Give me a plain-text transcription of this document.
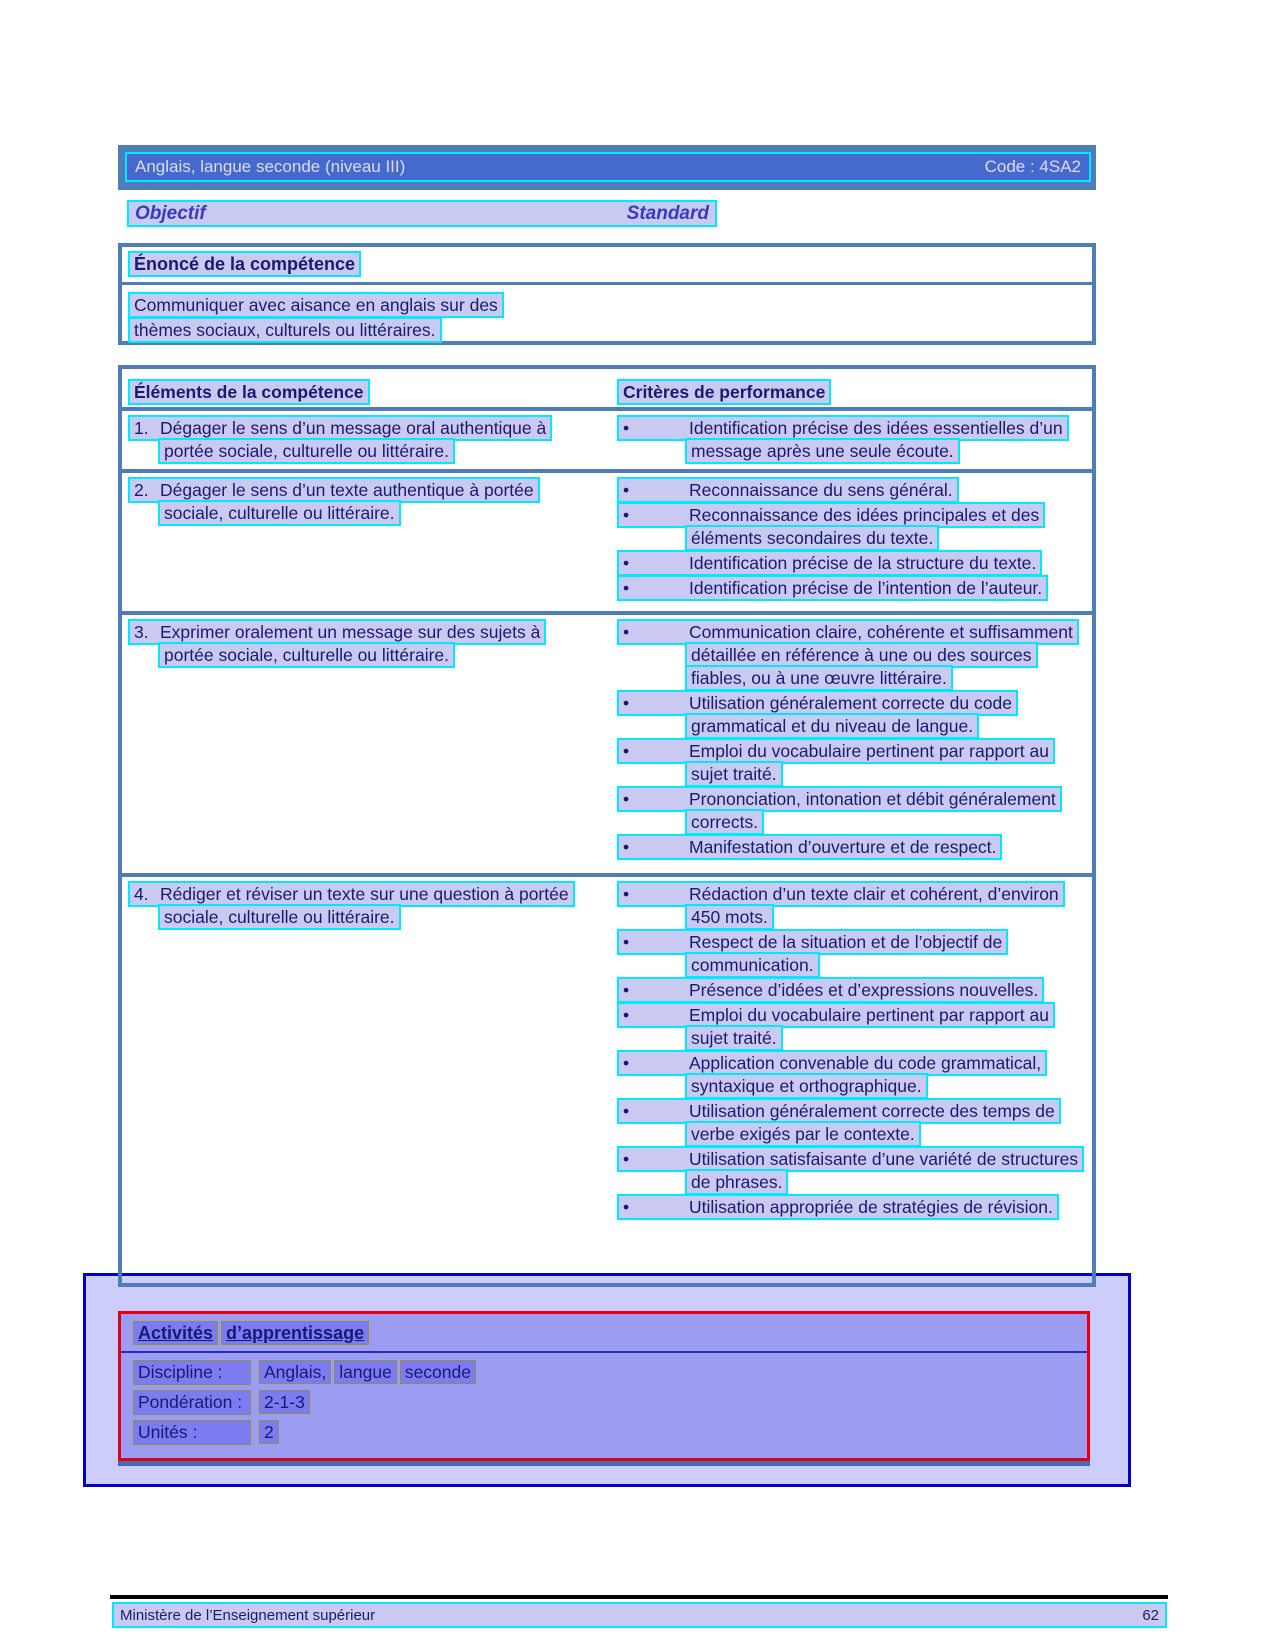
Anglais, langue seconde (niveau III)	Code : 4SA2
Objectif	Standard
Énoncé de la compétence
Communiquer avec aisance en anglais sur des thèmes sociaux, culturels ou littéraires.
Éléments de la compétence	Critères de performance
1. Dégager le sens d’un message oral authentique à portée sociale, culturelle ou littéraire.
•	Identification précise des idées essentielles d’un message après une seule écoute.
2. Dégager le sens d’un texte authentique à portée sociale, culturelle ou littéraire.
•	Reconnaissance du sens général.
•	Reconnaissance des idées principales et des éléments secondaires du texte.
•	Identification précise de la structure du texte.
•	Identification précise de l’intention de l’auteur.
3. Exprimer oralement un message sur des sujets à portée sociale, culturelle ou littéraire.
•	Communication claire, cohérente et suffisamment détaillée en référence à une ou des sources fiables, ou à une œuvre littéraire.
•	Utilisation généralement correcte du code grammatical et du niveau de langue.
•	Emploi du vocabulaire pertinent par rapport au sujet traité.
•	Prononciation, intonation et débit généralement corrects.
•	Manifestation d’ouverture et de respect.
4. Rédiger et réviser un texte sur une question à portée sociale, culturelle ou littéraire.
•	Rédaction d’un texte clair et cohérent, d’environ 450 mots.
•	Respect de la situation et de l’objectif de communication.
•	Présence d’idées et d’expressions nouvelles.
•	Emploi du vocabulaire pertinent par rapport au sujet traité.
•	Application convenable du code grammatical, syntaxique et orthographique.
•	Utilisation généralement correcte des temps de verbe exigés par le contexte.
•	Utilisation satisfaisante d’une variété de structures de phrases.
•	Utilisation appropriée de stratégies de révision.
Activités d’apprentissage
Discipline : Anglais, langue seconde
Pondération : 2-1-3
Unités :	2
Ministère de l’Enseignement supérieur	62
